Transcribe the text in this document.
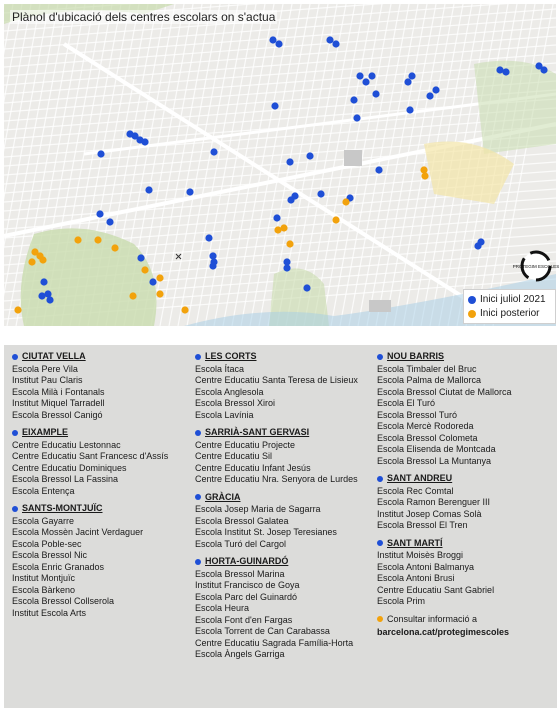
Plànol d'ubicació dels centres escolars on s'actua
PROTEGIM ESCOLES
Inici juliol 2021
Inici posterior
CIUTAT VELLA
Escola Pere Vila
Institut Pau Claris
Escola Milà i Fontanals
Institut Miquel Tarradell
Escola Bressol Canigó
EIXAMPLE
Centre Educatiu Lestonnac
Centre Educatiu Sant Francesc d'Assís
Centre Educatiu Dominiques
Escola Bressol La Fassina
Escola Entença
SANTS-MONTJUÏC
Escola Gayarre
Escola Mossèn Jacint Verdaguer
Escola Poble-sec
Escola Bressol Nic
Escola Enric Granados
Institut Montjuïc
Escola Bàrkeno
Escola Bressol Collserola
Institut Escola Arts
LES CORTS
Escola Ítaca
Centre Educatiu Santa Teresa de Lisieux
Escola Anglesola
Escola Bressol Xiroi
Escola Lavínia
SARRIÀ-SANT GERVASI
Centre Educatiu Projecte
Centre Educatiu Sil
Centre Educatiu Infant Jesús
Centre Educatiu Nra. Senyora de Lurdes
GRÀCIA
Escola Josep Maria de Sagarra
Escola Bressol Galatea
Escola Institut St. Josep Teresianes
Escola Turó del Cargol
HORTA-GUINARDÓ
Escola Bressol Marina
Institut Francisco de Goya
Escola Parc del Guinardó
Escola Heura
Escola Font d'en Fargas
Escola Torrent de Can Carabassa
Centre Educatiu Sagrada Família-Horta
Escola Àngels Garriga
NOU BARRIS
Escola Timbaler del Bruc
Escola Palma de Mallorca
Escola Bressol Ciutat de Mallorca
Escola El Turó
Escola Bressol Turó
Escola Mercè Rodoreda
Escola Bressol Colometa
Escola Elisenda de Montcada
Escola Bressol La Muntanya
SANT ANDREU
Escola Rec Comtal
Escola Ramon Berenguer III
Institut Josep Comas Solà
Escola Bressol El Tren
SANT MARTÍ
Institut Moisès Broggi
Escola Antoni Balmanya
Escola Antoni Brusi
Centre Educatiu Sant Gabriel
Escola Prim
Consultar informació a
barcelona.cat/protegimescoles
